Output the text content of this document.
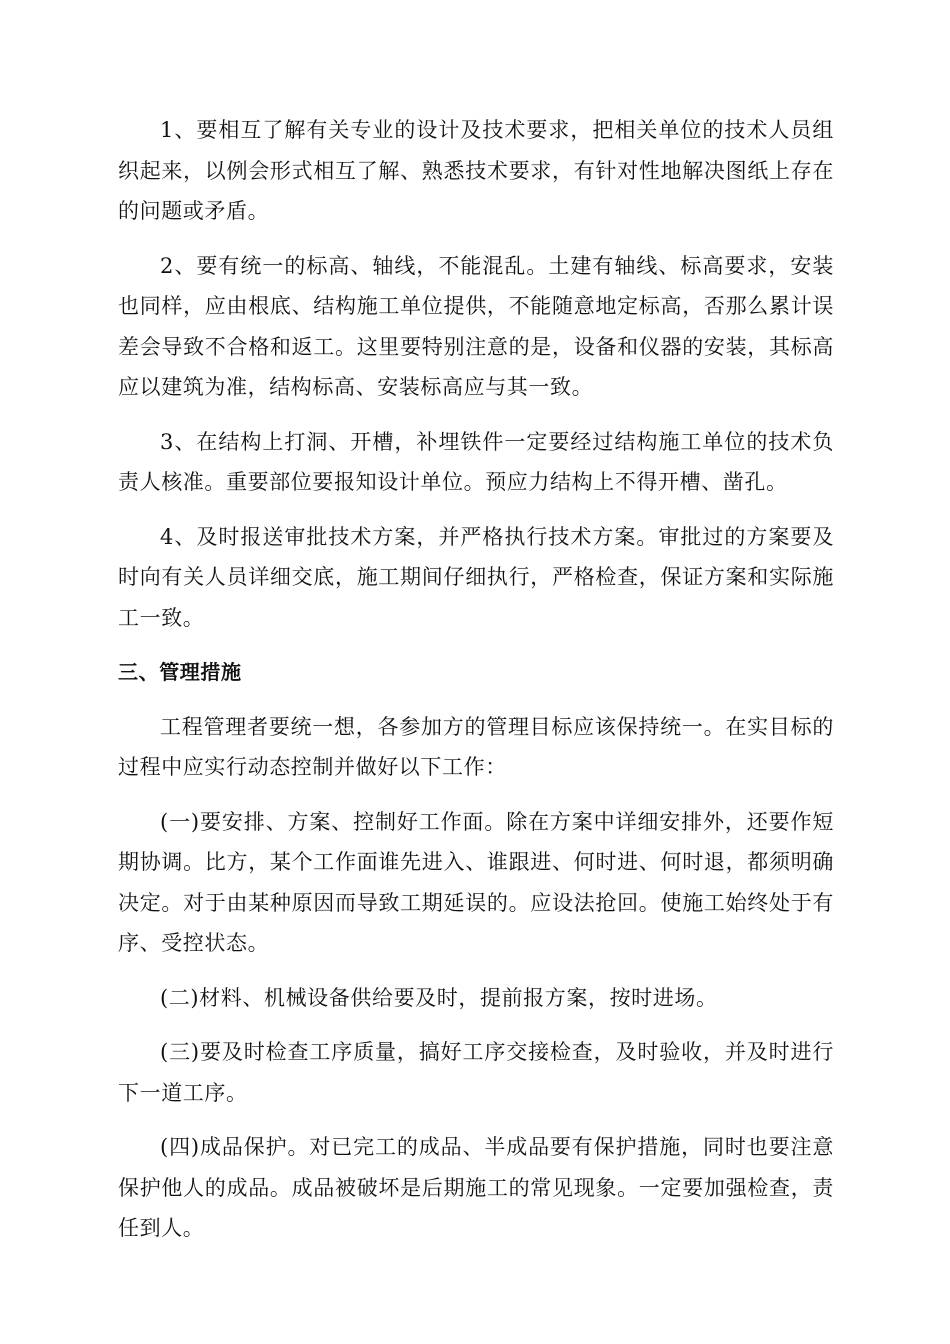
1、要相互了解有关专业的设计及技术要求，把相关单位的技术人员组织起来，以例会形式相互了解、熟悉技术要求，有针对性地解决图纸上存在的问题或矛盾。

2、要有统一的标高、轴线，不能混乱。土建有轴线、标高要求，安装也同样，应由根底、结构施工单位提供，不能随意地定标高，否那么累计误差会导致不合格和返工。这里要特别注意的是，设备和仪器的安装，其标高应以建筑为准，结构标高、安装标高应与其一致。

3、在结构上打洞、开槽，补埋铁件一定要经过结构施工单位的技术负责人核准。重要部位要报知设计单位。预应力结构上不得开槽、凿孔。

4、及时报送审批技术方案，并严格执行技术方案。审批过的方案要及时向有关人员详细交底，施工期间仔细执行，严格检查，保证方案和实际施工一致。

三、管理措施

工程管理者要统一想，各参加方的管理目标应该保持统一。在实目标的过程中应实行动态控制并做好以下工作：

(一)要安排、方案、控制好工作面。除在方案中详细安排外，还要作短期协调。比方，某个工作面谁先进入、谁跟进、何时进、何时退，都须明确决定。对于由某种原因而导致工期延误的。应设法抢回。使施工始终处于有序、受控状态。

(二)材料、机械设备供给要及时，提前报方案，按时进场。

(三)要及时检查工序质量，搞好工序交接检查，及时验收，并及时进行下一道工序。

(四)成品保护。对已完工的成品、半成品要有保护措施，同时也要注意保护他人的成品。成品被破坏是后期施工的常见现象。一定要加强检查，责任到人。
